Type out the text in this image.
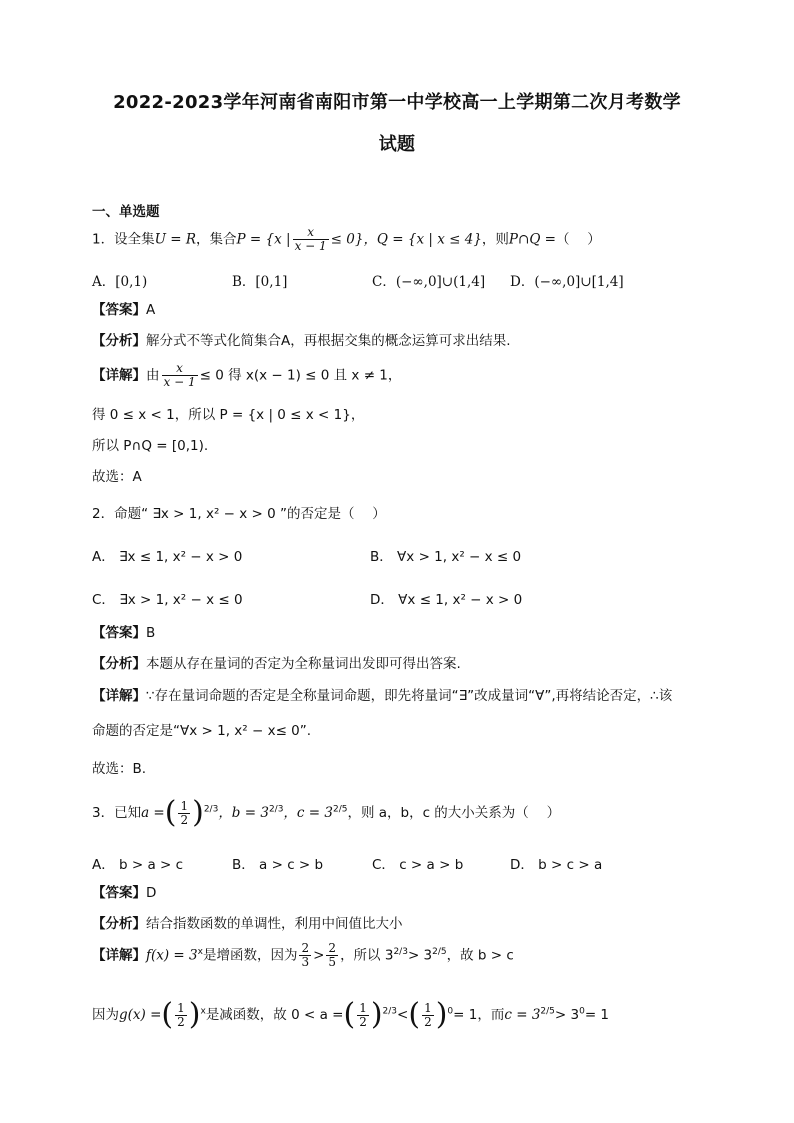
2022-2023学年河南省南阳市第一中学校高一上学期第二次月考数学
试题
一、单选题
1．设全集U = R，集合P = {x | $\frac{x}{x - 1} \le 0$}，Q = {x | x ≤ 4}，则P∩Q =（　 ）
A．[0,1)	B．[0,1]	C．(−∞,0]∪(1,4] D．(−∞,0]∪[1,4]
【答案】A
【分析】解分式不等式化简集合A，再根据交集的概念运算可求出结果.
【详解】由 $\frac{x}{x - 1} \le 0$ 得 x(x − 1) ≤ 0 且 x ≠ 1，
得 0 ≤ x < 1，所以 P = {x | 0 ≤ x < 1}，
所以 P∩Q = [0,1).
故选：A
2．命题“ ∃x > 1, x² − x > 0 ”的否定是（　 ）
A． ∃x ≤ 1, x² − x > 0	B． ∀x > 1, x² − x ≤ 0
C． ∃x > 1, x² − x ≤ 0	D． ∀x ≤ 1, x² − x > 0
【答案】B
【分析】本题从存在量词的否定为全称量词出发即可得出答案.
【详解】∵存在量词命题的否定是全称量词命题，即先将量词“∃”改成量词“∀”,再将结论否定，∴该
命题的否定是“∀x > 1, x² − x≤ 0”.
故选：B.
3．已知a =( $\frac{1}{2} )^{2/3}$，$b = 3^{2/3}$，$c = 3^{2/5}$，则 a，b，c 的大小关系为（　 ）
A． b > a > c	B． a > c > b	C． c > a > b	D． b > c > a
【答案】D
【分析】结合指数函数的单调性，利用中间值比大小
【详解】$f(x) = 3^x$是增函数，因为 $\frac{2}{3} > \frac{2}{5}$ ，所以 $3^{2/3}> 3^{2/5}$，故 b > c
因为g(x) =( $\frac{1}{2} )^x$是减函数，故 0 < a =( $\frac{1}{2} )^{2/3}<( \frac{1}{2} )^0= 1$，而$c = 3^{2/5}> 3^0= 1$
